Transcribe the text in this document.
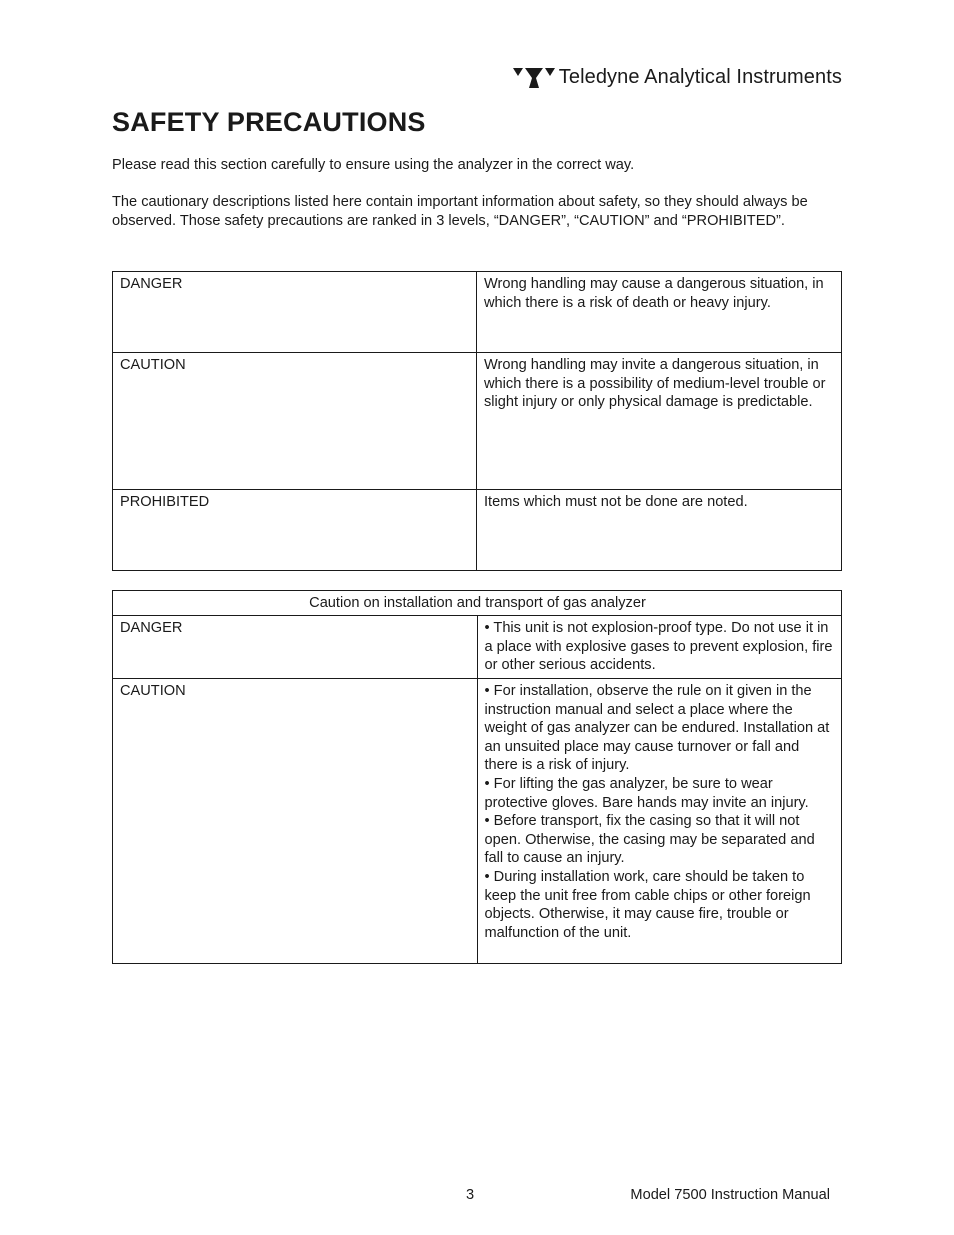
Teledyne Analytical Instruments
SAFETY PRECAUTIONS

Please read this section carefully to ensure using the analyzer in the correct way.

The cautionary descriptions listed here contain important information about safety, so they should always be observed. Those safety precautions are ranked in 3 levels, “DANGER”, “CAUTION” and “PROHIBITED”.

DANGER	Wrong handling may cause a dangerous situation, in which there is a risk of death or heavy injury.
CAUTION	Wrong handling may invite a dangerous situation, in which there is a possibility of medium-level trouble or slight injury or only physical damage is predictable.
PROHIBITED	Items which must not be done are noted.
Caution on installation and transport of gas analyzer	
DANGER	• This unit is not explosion-proof type. Do not use it in a place with explosive gases to prevent explosion, fire or other serious accidents.

CAUTION	• For installation, observe the rule on it given in the instruction manual and select a place where the weight of gas analyzer can be endured. Installation at an unsuited place may cause turnover or fall and there is a risk of injury.
• For lifting the gas analyzer, be sure to wear protective gloves. Bare hands may invite an injury.
• Before transport, fix the casing so that it will not open. Otherwise, the casing may be separated and fall to cause an injury.
• During installation work, care should be taken to keep the unit free from cable chips or other foreign objects. Otherwise, it may cause fire, trouble or malfunction of the unit.
3	Model 7500 Instruction Manual
